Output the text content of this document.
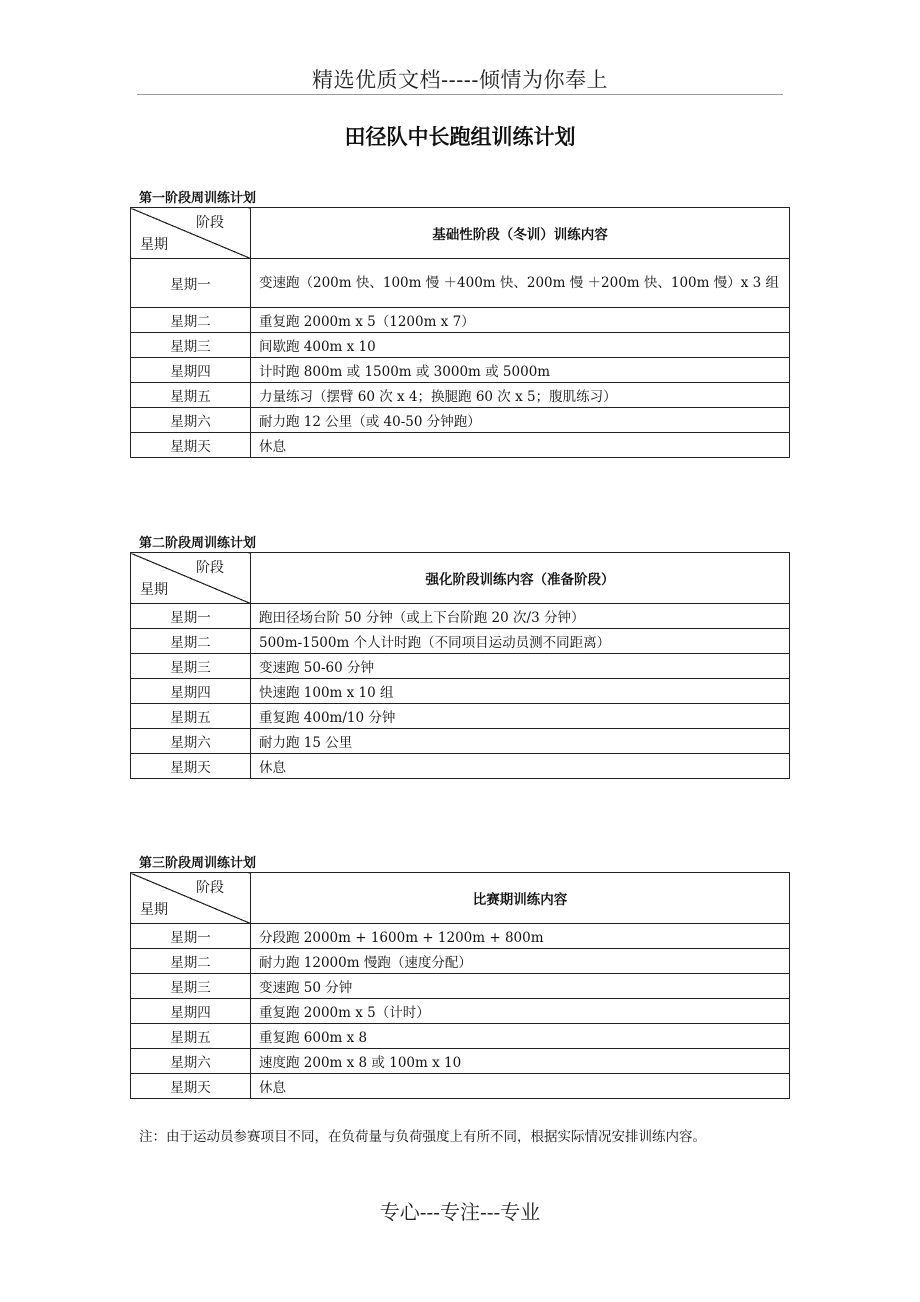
精选优质文档-----倾情为你奉上
田径队中长跑组训练计划
第一阶段周训练计划
阶段
星期	基础性阶段（冬训）训练内容
星期一	变速跑（200m 快、100m 慢 ＋400m 快、200m 慢 ＋200m 快、100m 慢）x 3 组
星期二	重复跑 2000m x 5（1200m x 7）
星期三	间歇跑 400m x 10
星期四	计时跑 800m 或 1500m 或 3000m 或 5000m
星期五	力量练习（摆臂 60 次 x 4；换腿跑 60 次 x 5；腹肌练习）
星期六	耐力跑 12 公里（或 40-50 分钟跑）
星期天	休息
第二阶段周训练计划
阶段
星期	强化阶段训练内容（准备阶段）
星期一	跑田径场台阶 50 分钟（或上下台阶跑 20 次/3 分钟）
星期二	500m-1500m 个人计时跑（不同项目运动员测不同距离）
星期三	变速跑 50-60 分钟
星期四	快速跑 100m x 10 组
星期五	重复跑 400m/10 分钟
星期六	耐力跑 15 公里
星期天	休息
第三阶段周训练计划
阶段
星期	比赛期训练内容
星期一	分段跑 2000m + 1600m + 1200m + 800m
星期二	耐力跑 12000m 慢跑（速度分配）
星期三	变速跑 50 分钟
星期四	重复跑 2000m x 5（计时）
星期五	重复跑 600m x 8
星期六	速度跑 200m x 8 或 100m x 10
星期天	休息
注：由于运动员参赛项目不同，在负荷量与负荷强度上有所不同，根据实际情况安排训练内容。
专心---专注---专业
